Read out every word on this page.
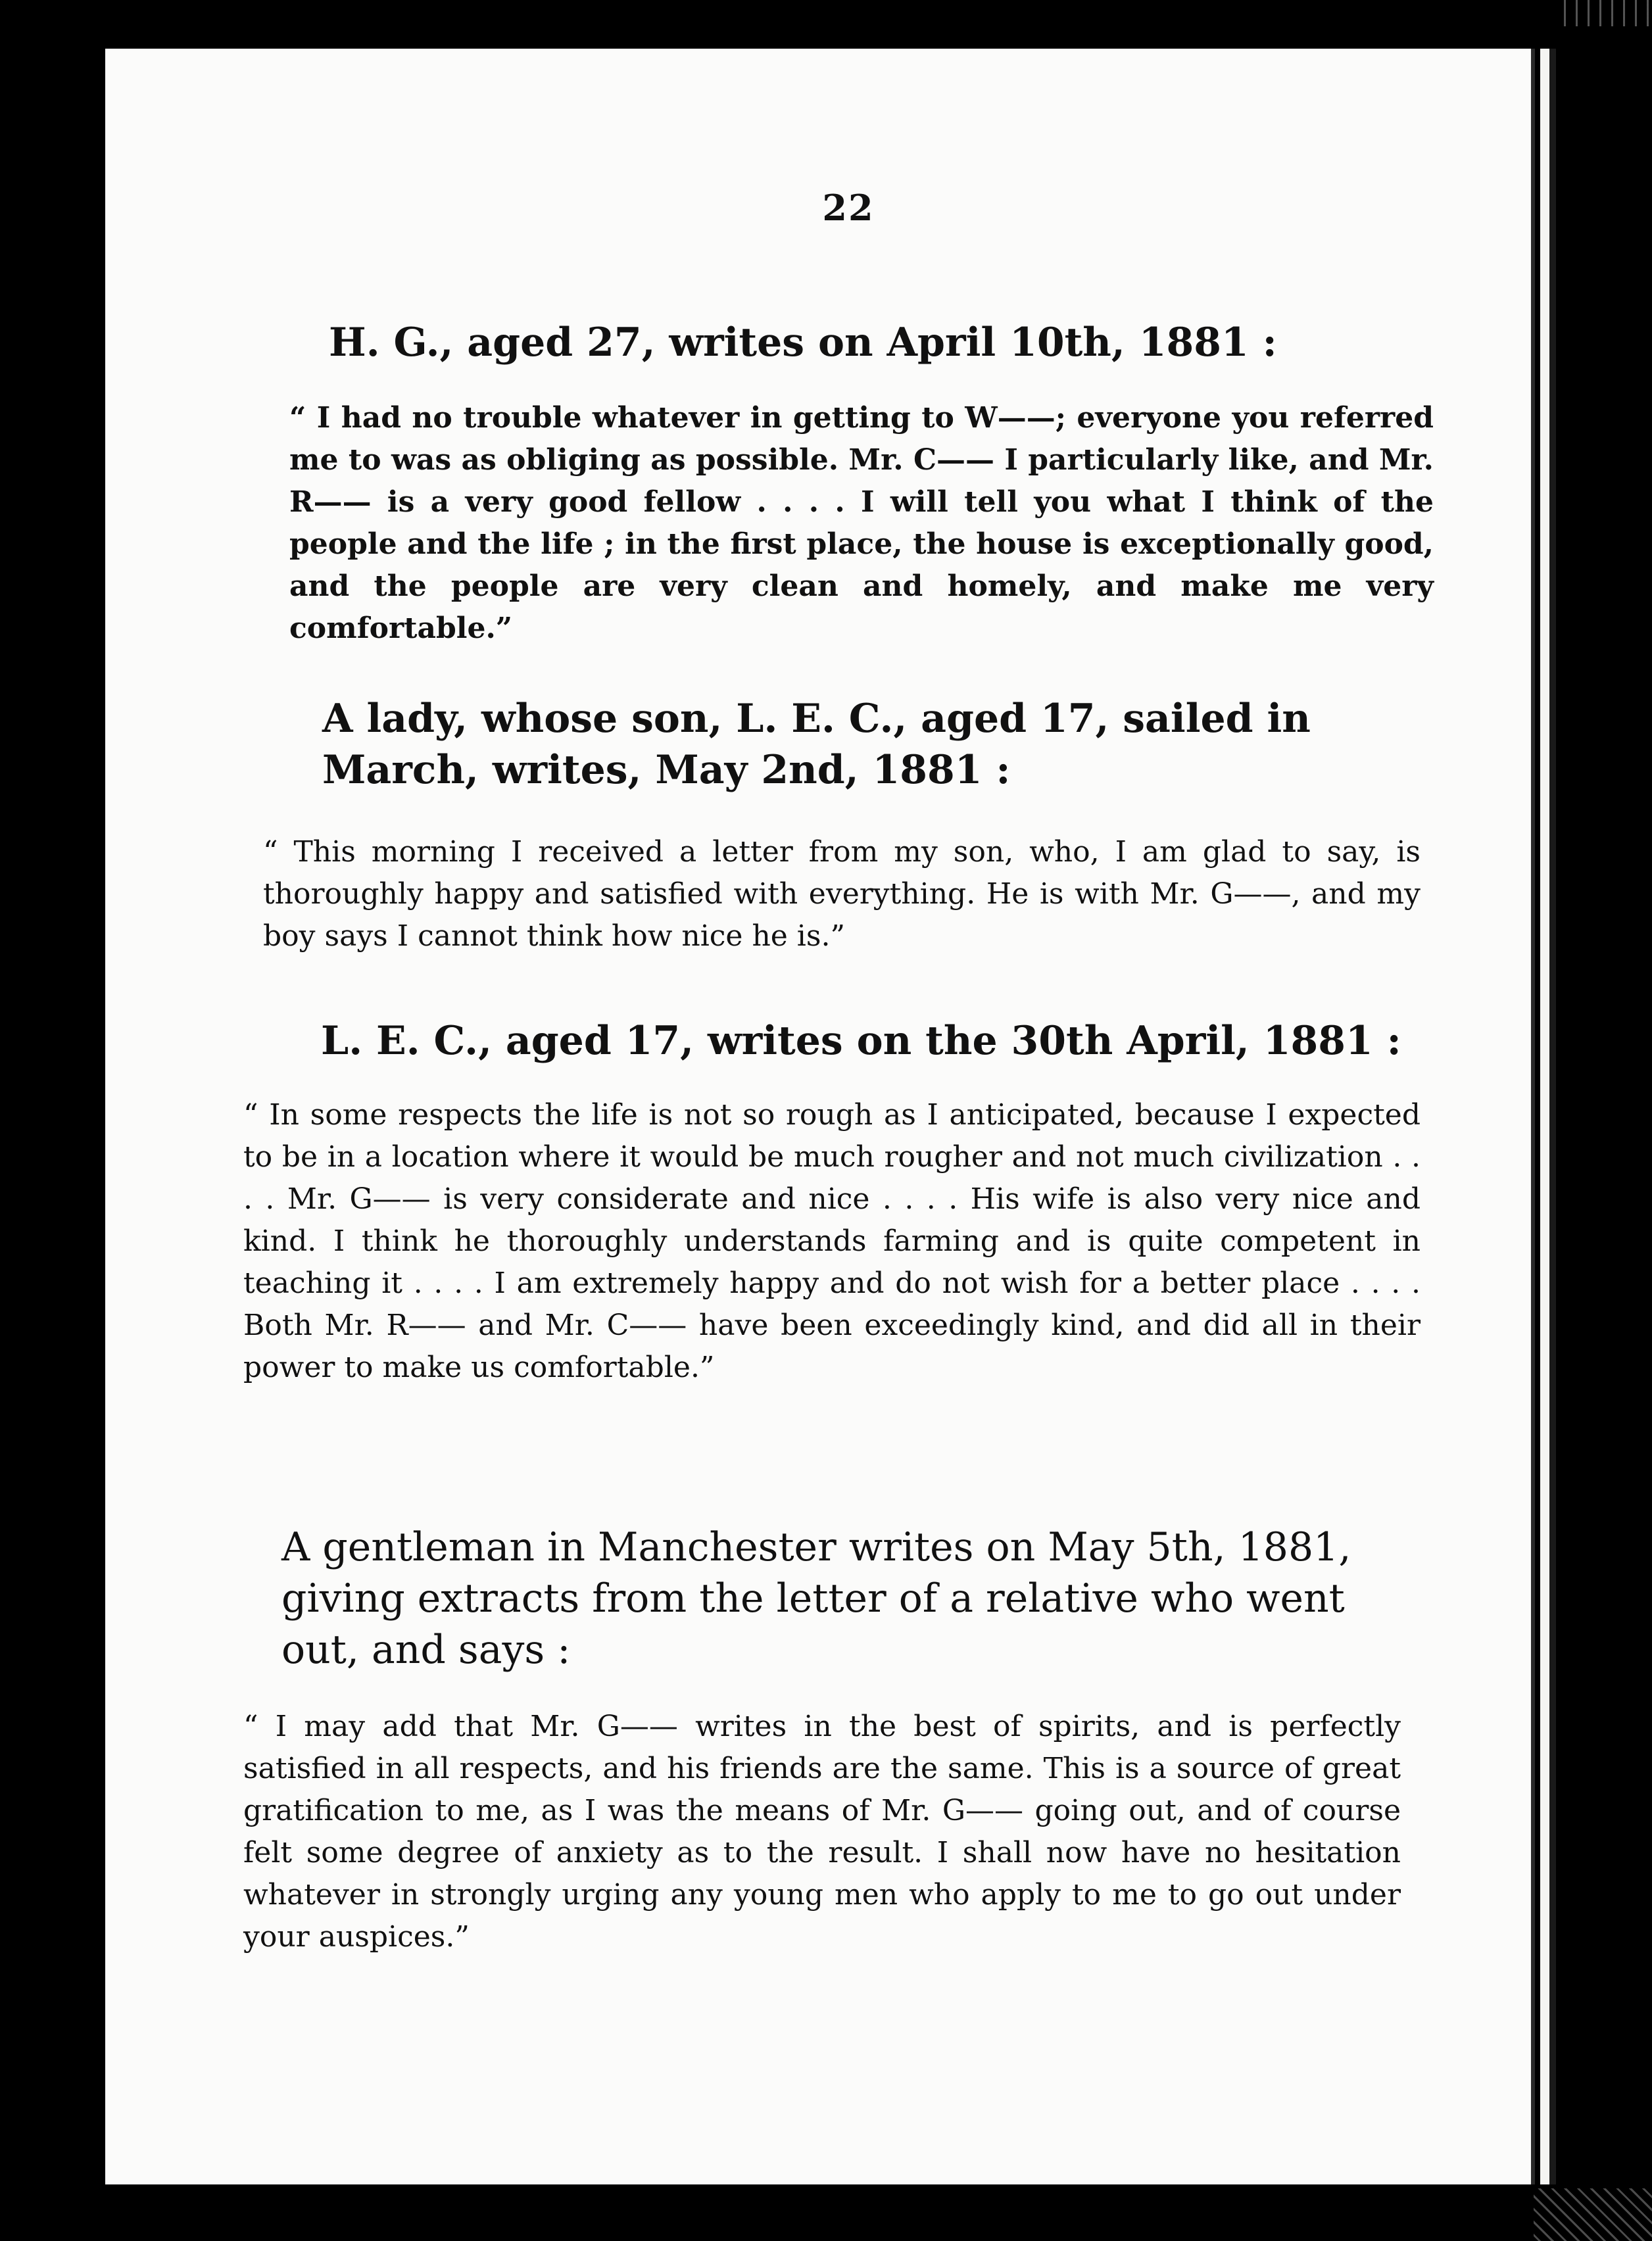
22

H. G., aged 27, writes on April 10th, 1881 :

“ I had no trouble whatever in getting to W——; everyone you referred me to was as obliging as possible. Mr. C—— I particularly like, and Mr. R—— is a very good fellow . . . . I will tell you what I think of the people and the life ; in the first place, the house is exceptionally good, and the people are very clean and homely, and make me very comfortable.”

A lady, whose son, L. E. C., aged 17, sailed in March, writes, May 2nd, 1881 :

“ This morning I received a letter from my son, who, I am glad to say, is thoroughly happy and satisfied with everything. He is with Mr. G——, and my boy says I cannot think how nice he is.”

L. E. C., aged 17, writes on the 30th April, 1881 :

“ In some respects the life is not so rough as I anticipated, because I expected to be in a location where it would be much rougher and not much civilization . . . . Mr. G—— is very considerate and nice . . . . His wife is also very nice and kind. I think he thoroughly understands farming and is quite competent in teaching it . . . . I am extremely happy and do not wish for a better place . . . . Both Mr. R—— and Mr. C—— have been exceedingly kind, and did all in their power to make us comfortable.”

A gentleman in Manchester writes on May 5th, 1881, giving extracts from the letter of a relative who went out, and says :

“ I may add that Mr. G—— writes in the best of spirits, and is perfectly satisfied in all respects, and his friends are the same. This is a source of great gratification to me, as I was the means of Mr. G—— going out, and of course felt some degree of anxiety as to the result. I shall now have no hesitation whatever in strongly urging any young men who apply to me to go out under your auspices.”
